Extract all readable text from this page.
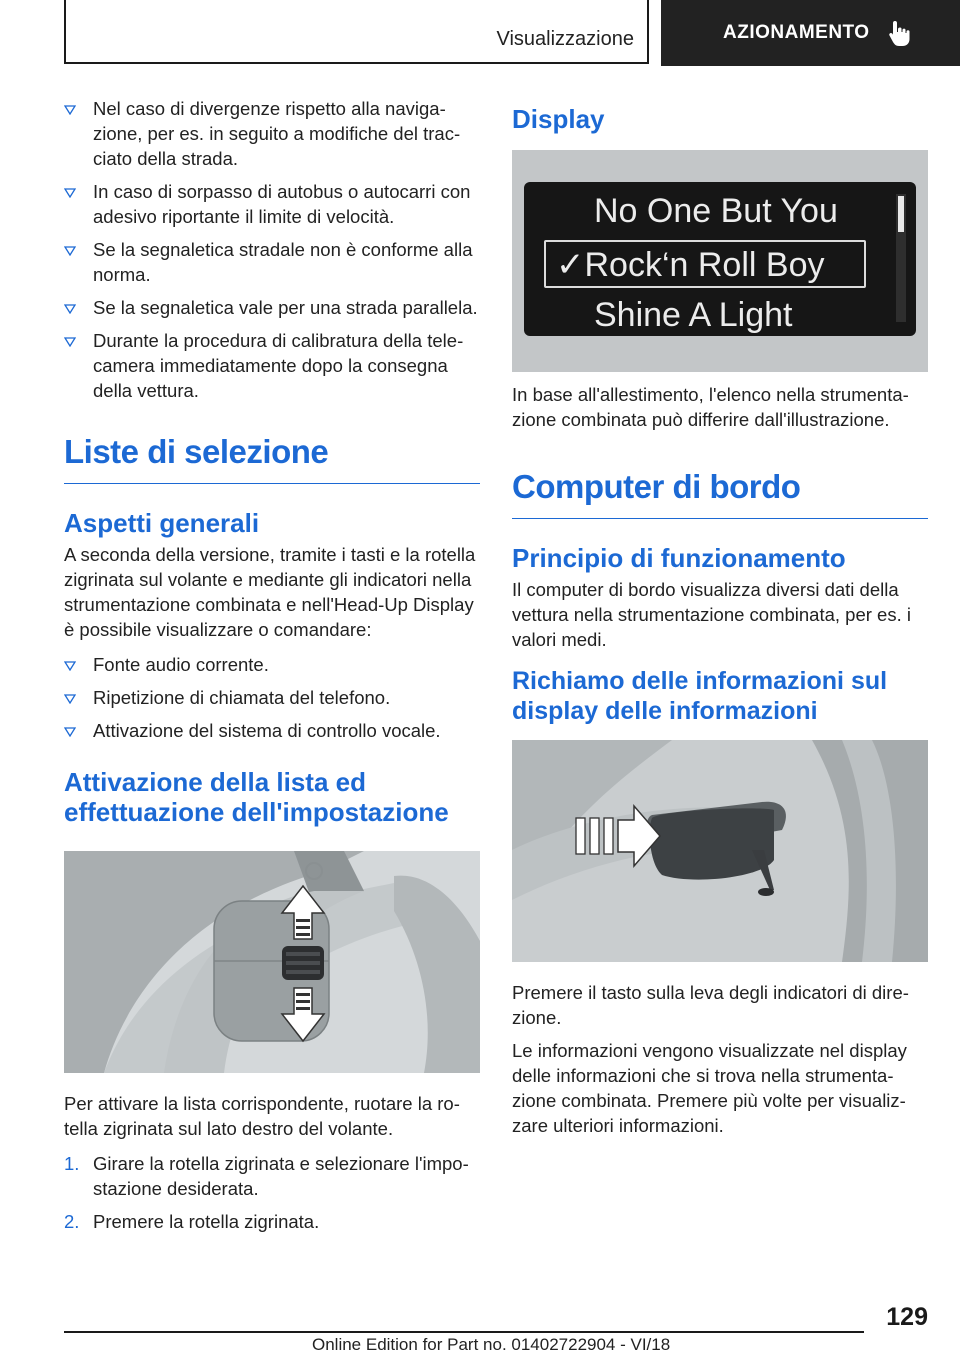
Visualizzazione	AZIONAMENTO
Nel caso di divergenze rispetto alla navigazione, per es. in seguito a modifiche del tracciato della strada.
In caso di sorpasso di autobus o autocarri con adesivo riportante il limite di velocità.
Se la segnaletica stradale non è conforme alla norma.
Se la segnaletica vale per una strada parallela.
Durante la procedura di calibratura della telecamera immediatamente dopo la consegna della vettura.
Liste di selezione
Aspetti generali

A seconda della versione, tramite i tasti e la rotella zigrinata sul volante e mediante gli indicatori nella strumentazione combinata e nell'Head-Up Display è possibile visualizzare o comandare:

Fonte audio corrente.
Ripetizione di chiamata del telefono.
Attivazione del sistema di controllo vocale.
Attivazione della lista ed effettuazione dell'impostazione

Per attivare la lista corrispondente, ruotare la rotella zigrinata sul lato destro del volante.

1. Girare la rotella zigrinata e selezionare l'impostazione desiderata.
2. Premere la rotella zigrinata.
Display
No One But You
✓Rock‘n Roll Boy
Shine A Light

In base all'allestimento, l'elenco nella strumentazione combinata può differire dall'illustrazione.

Computer di bordo
Principio di funzionamento

Il computer di bordo visualizza diversi dati della vettura nella strumentazione combinata, per es. i valori medi.

Richiamo delle informazioni sul display delle informazioni

Premere il tasto sulla leva degli indicatori di direzione.

Le informazioni vengono visualizzate nel display delle informazioni che si trova nella strumentazione combinata. Premere più volte per visualizzare ulteriori informazioni.

129
Online Edition for Part no. 01402722904 - VI/18
